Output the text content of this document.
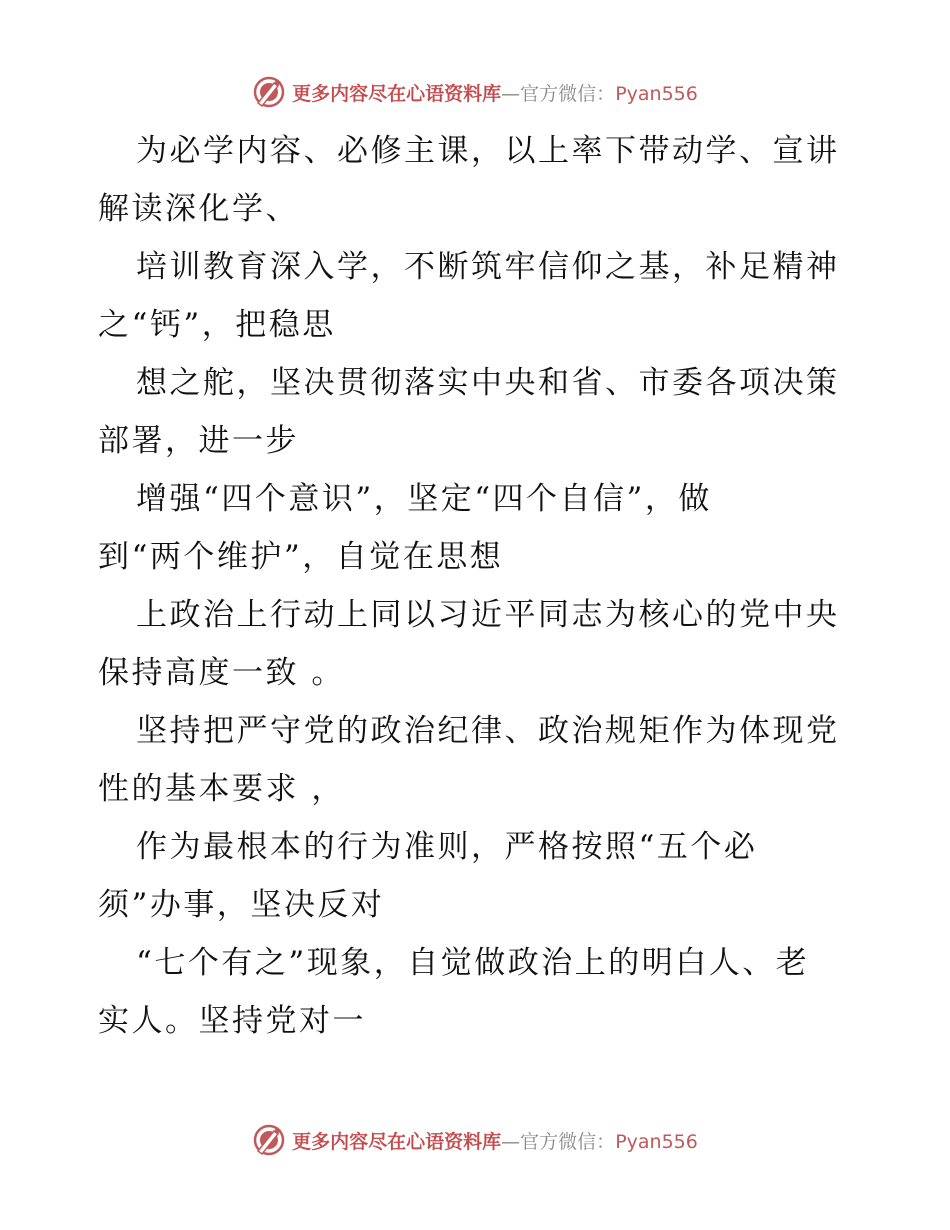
更多内容尽在心语资料库—官方微信：Pyan556
为必学内容、必修主课，以上率下带动学、宣讲
解读深化学、
培训教育深入学，不断筑牢信仰之基，补足精神
之“钙”，把稳思
想之舵，坚决贯彻落实中央和省、市委各项决策
部署，进一步
增强“四个意识”，坚定“四个自信”，做
到“两个维护”，自觉在思想
上政治上行动上同以习近平同志为核心的党中央
保持高度一致 。
坚持把严守党的政治纪律、政治规矩作为体现党
性的基本要求 ，
作为最根本的行为准则，严格按照“五个必
须”办事，坚决反对
“七个有之”现象，自觉做政治上的明白人、老
实人。坚持党对一
更多内容尽在心语资料库—官方微信：Pyan556
